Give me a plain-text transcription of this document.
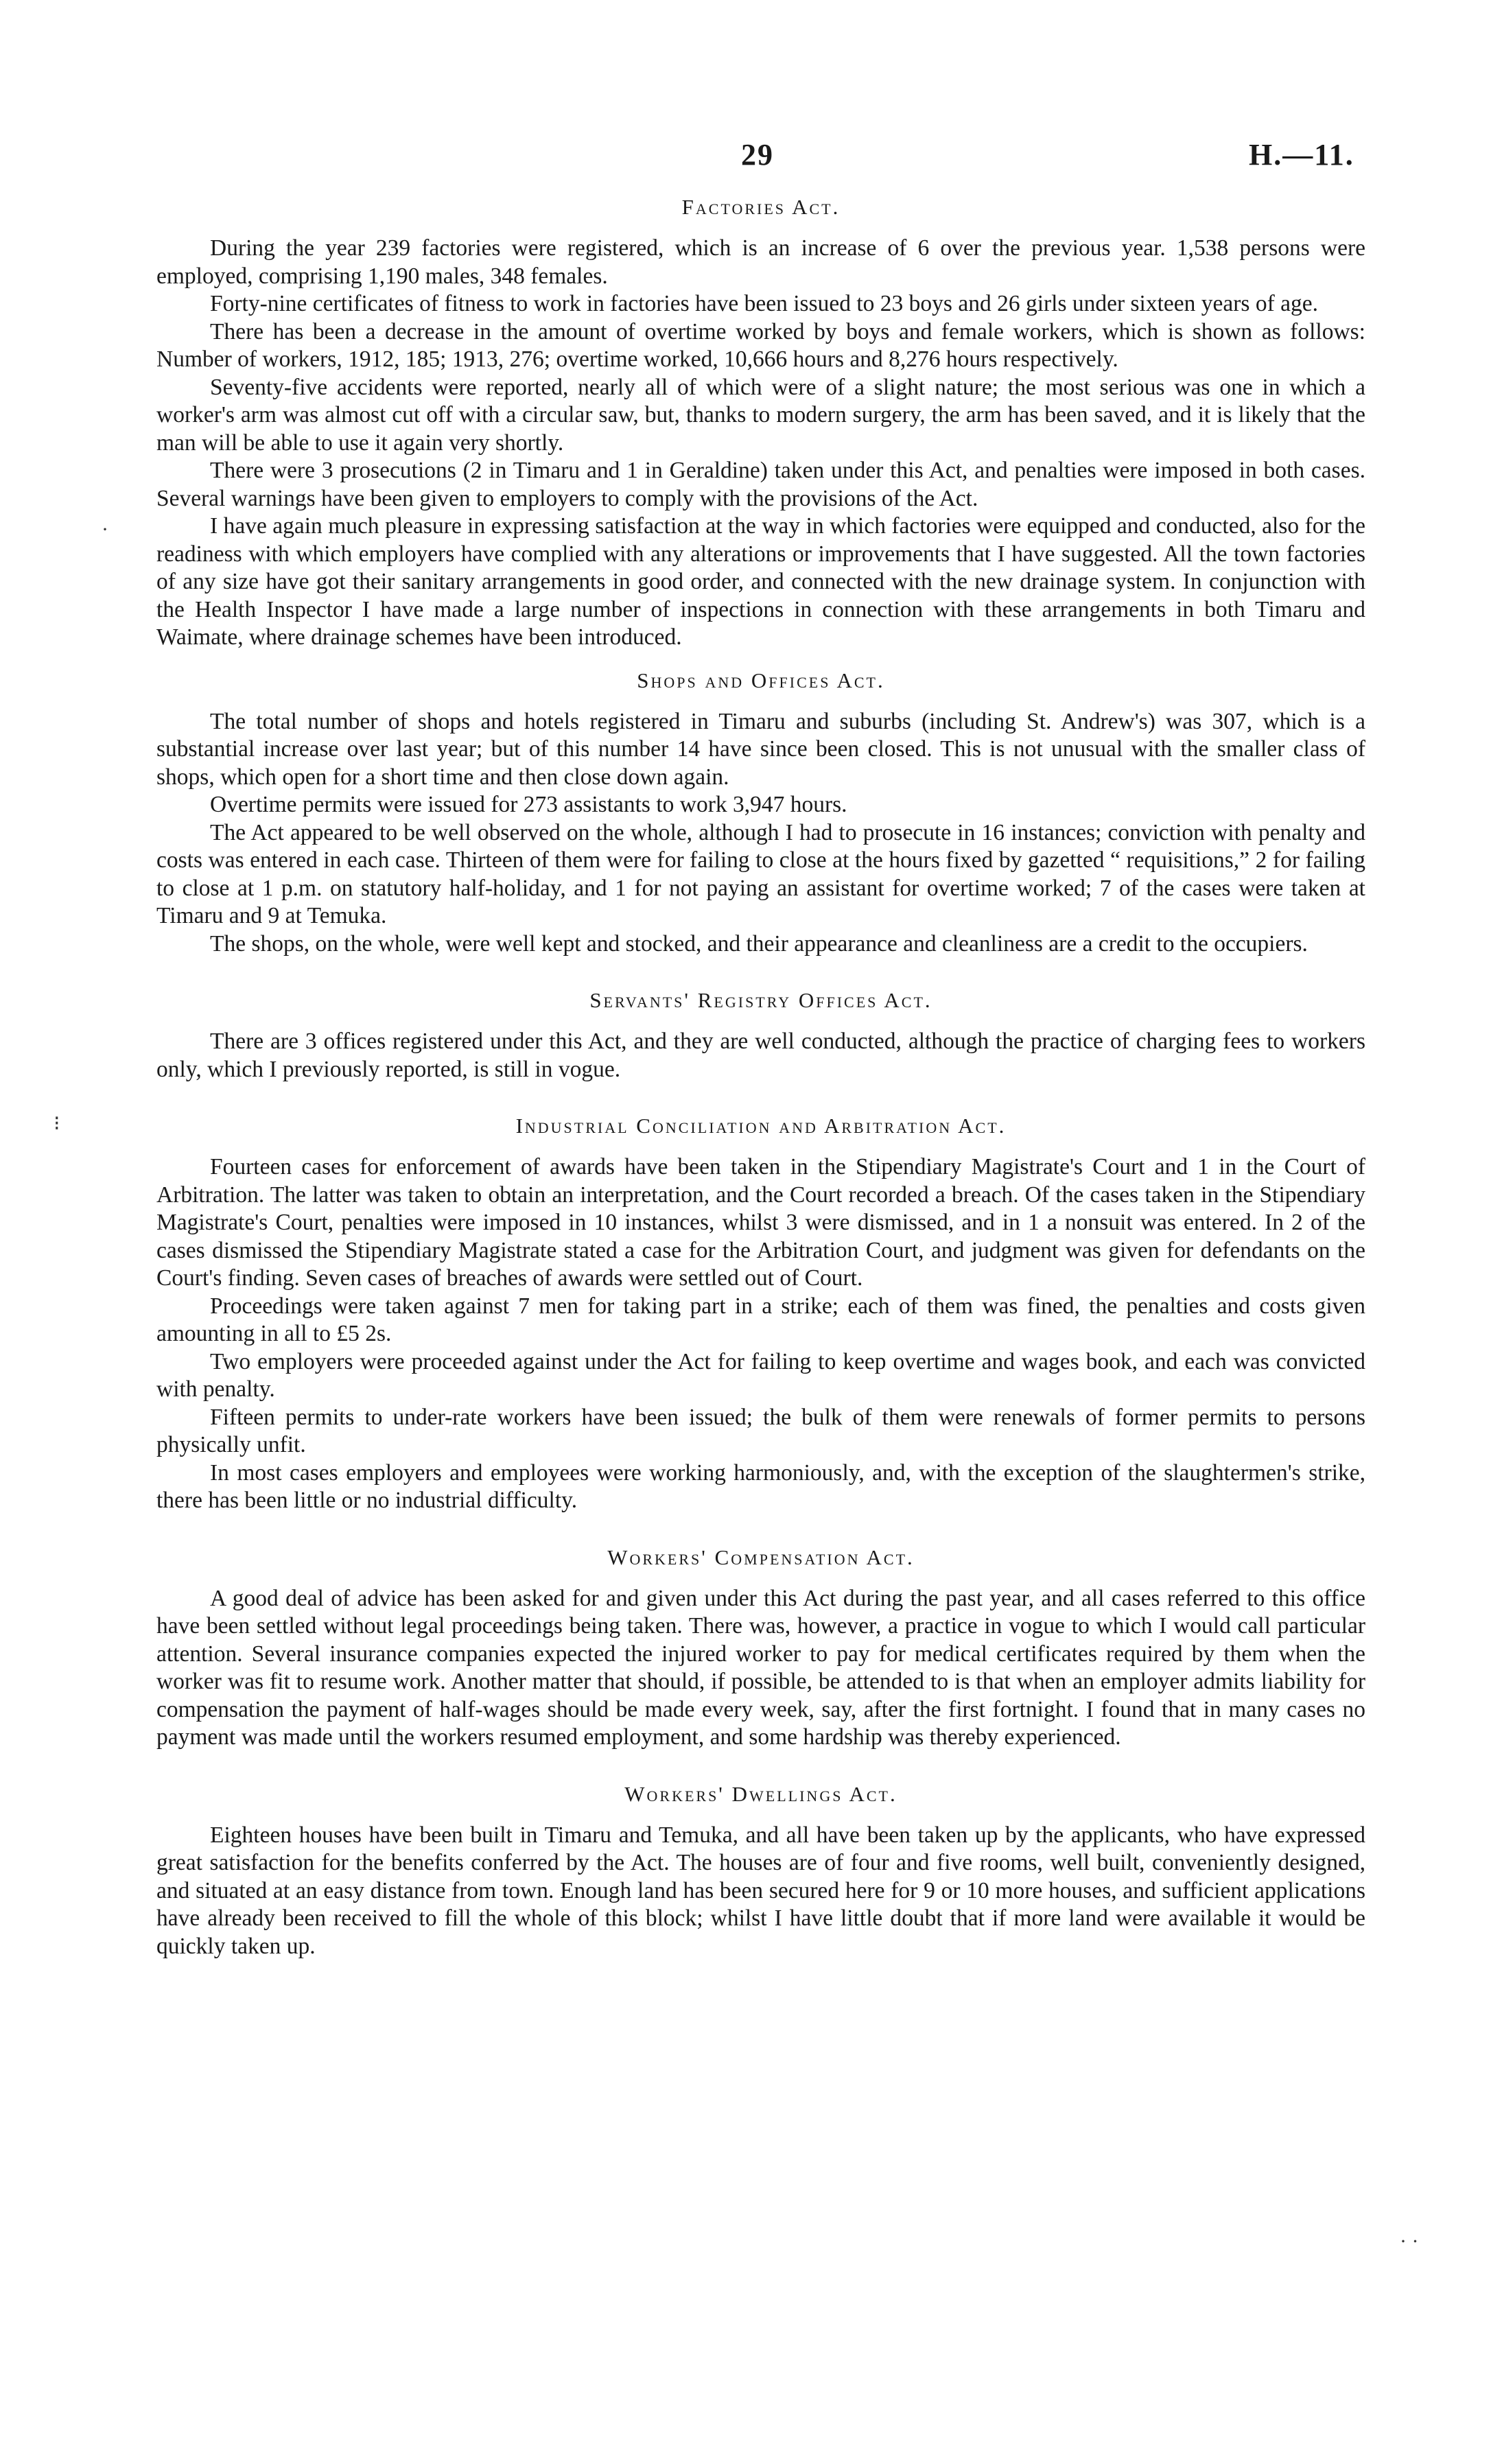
29	H.—11.
Factories Act.

During the year 239 factories were registered, which is an increase of 6 over the previous year. 1,538 persons were employed, comprising 1,190 males, 348 females.

Forty-nine certificates of fitness to work in factories have been issued to 23 boys and 26 girls under sixteen years of age.

There has been a decrease in the amount of overtime worked by boys and female workers, which is shown as follows: Number of workers, 1912, 185; 1913, 276; overtime worked, 10,666 hours and 8,276 hours respectively.

Seventy-five accidents were reported, nearly all of which were of a slight nature; the most serious was one in which a worker's arm was almost cut off with a circular saw, but, thanks to modern surgery, the arm has been saved, and it is likely that the man will be able to use it again very shortly.

There were 3 prosecutions (2 in Timaru and 1 in Geraldine) taken under this Act, and penalties were imposed in both cases. Several warnings have been given to employers to comply with the provisions of the Act.

I have again much pleasure in expressing satisfaction at the way in which factories were equipped and conducted, also for the readiness with which employers have complied with any alterations or improvements that I have suggested. All the town factories of any size have got their sanitary arrangements in good order, and connected with the new drainage system. In conjunction with the Health Inspector I have made a large number of inspections in connection with these arrangements in both Timaru and Waimate, where drainage schemes have been introduced.

Shops and Offices Act.

The total number of shops and hotels registered in Timaru and suburbs (including St. Andrew's) was 307, which is a substantial increase over last year; but of this number 14 have since been closed. This is not unusual with the smaller class of shops, which open for a short time and then close down again.

Overtime permits were issued for 273 assistants to work 3,947 hours.

The Act appeared to be well observed on the whole, although I had to prosecute in 16 instances; conviction with penalty and costs was entered in each case. Thirteen of them were for failing to close at the hours fixed by gazetted “ requisitions,” 2 for failing to close at 1 p.m. on statutory half-holiday, and 1 for not paying an assistant for overtime worked; 7 of the cases were taken at Timaru and 9 at Temuka.

The shops, on the whole, were well kept and stocked, and their appearance and cleanliness are a credit to the occupiers.

Servants' Registry Offices Act.

There are 3 offices registered under this Act, and they are well conducted, although the practice of charging fees to workers only, which I previously reported, is still in vogue.

Industrial Conciliation and Arbitration Act.

Fourteen cases for enforcement of awards have been taken in the Stipendiary Magistrate's Court and 1 in the Court of Arbitration. The latter was taken to obtain an interpretation, and the Court recorded a breach. Of the cases taken in the Stipendiary Magistrate's Court, penalties were imposed in 10 instances, whilst 3 were dismissed, and in 1 a nonsuit was entered. In 2 of the cases dismissed the Stipendiary Magistrate stated a case for the Arbitration Court, and judgment was given for defendants on the Court's finding. Seven cases of breaches of awards were settled out of Court.

Proceedings were taken against 7 men for taking part in a strike; each of them was fined, the penalties and costs given amounting in all to £5 2s.

Two employers were proceeded against under the Act for failing to keep overtime and wages book, and each was convicted with penalty.

Fifteen permits to under-rate workers have been issued; the bulk of them were renewals of former permits to persons physically unfit.

In most cases employers and employees were working harmoniously, and, with the exception of the slaughtermen's strike, there has been little or no industrial difficulty.

Workers' Compensation Act.

A good deal of advice has been asked for and given under this Act during the past year, and all cases referred to this office have been settled without legal proceedings being taken. There was, however, a practice in vogue to which I would call particular attention. Several insurance companies expected the injured worker to pay for medical certificates required by them when the worker was fit to resume work. Another matter that should, if possible, be attended to is that when an employer admits liability for compensation the payment of half-wages should be made every week, say, after the first fortnight. I found that in many cases no payment was made until the workers resumed employment, and some hardship was thereby experienced.

Workers' Dwellings Act.

Eighteen houses have been built in Timaru and Temuka, and all have been taken up by the applicants, who have expressed great satisfaction for the benefits conferred by the Act. The houses are of four and five rooms, well built, conveniently designed, and situated at an easy distance from town. Enough land has been secured here for 9 or 10 more houses, and sufficient applications have already been received to fill the whole of this block; whilst I have little doubt that if more land were available it would be quickly taken up.

·
⁝
· ·
